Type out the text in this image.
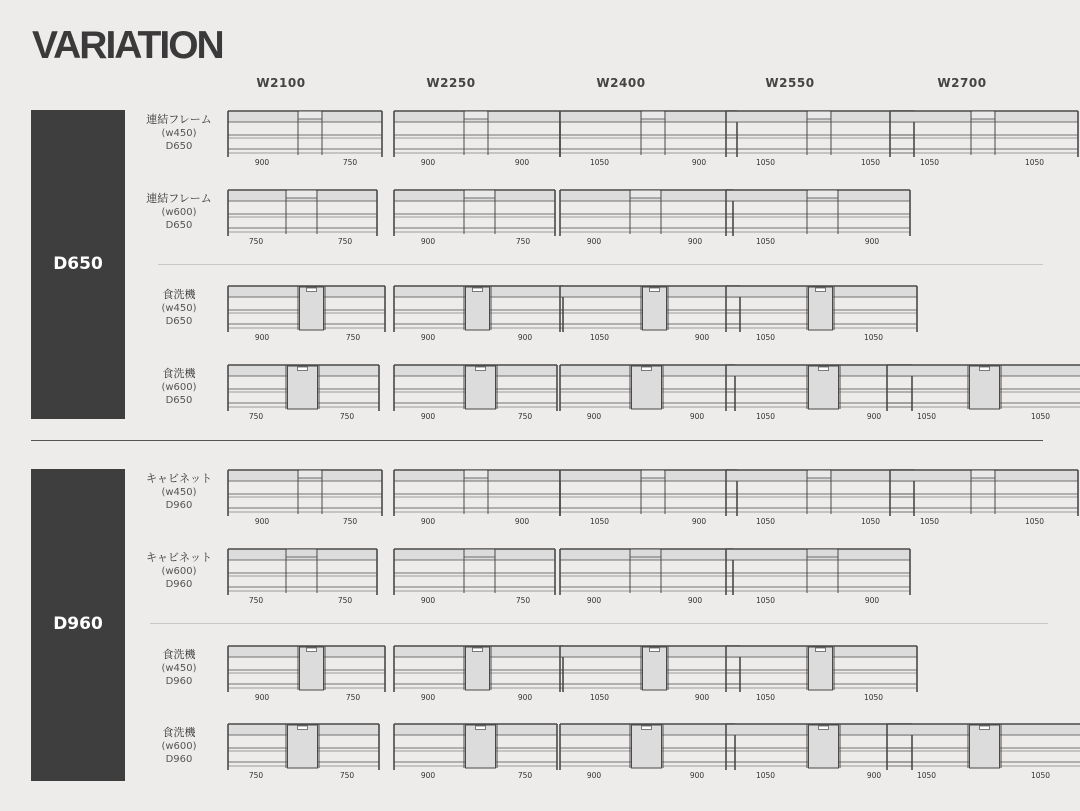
VARIATION
W2100	W2250	W2400	W2550	W2700
D650
連結フレーム
(w450)
D650
900	750	900	900	1050	900	1050	1050	1050	1050
連結フレーム
(w600)
D650
750	750	900	750	900	900	1050	900
食洗機
(w450)
D650
900	750	900	900	1050	900	1050	1050
食洗機
(w600)
D650
750	750	900	750	900	900	1050	900	1050	1050
D960
キャビネット
(w450)
D960
900	750	900	900	1050	900	1050	1050	1050	1050
キャビネット
(w600)
D960
750	750	900	750	900	900	1050	900
食洗機
(w450)
D960
900	750	900	900	1050	900	1050	1050
食洗機
(w600)
D960
750	750	900	750	900	900	1050	900	1050	1050
